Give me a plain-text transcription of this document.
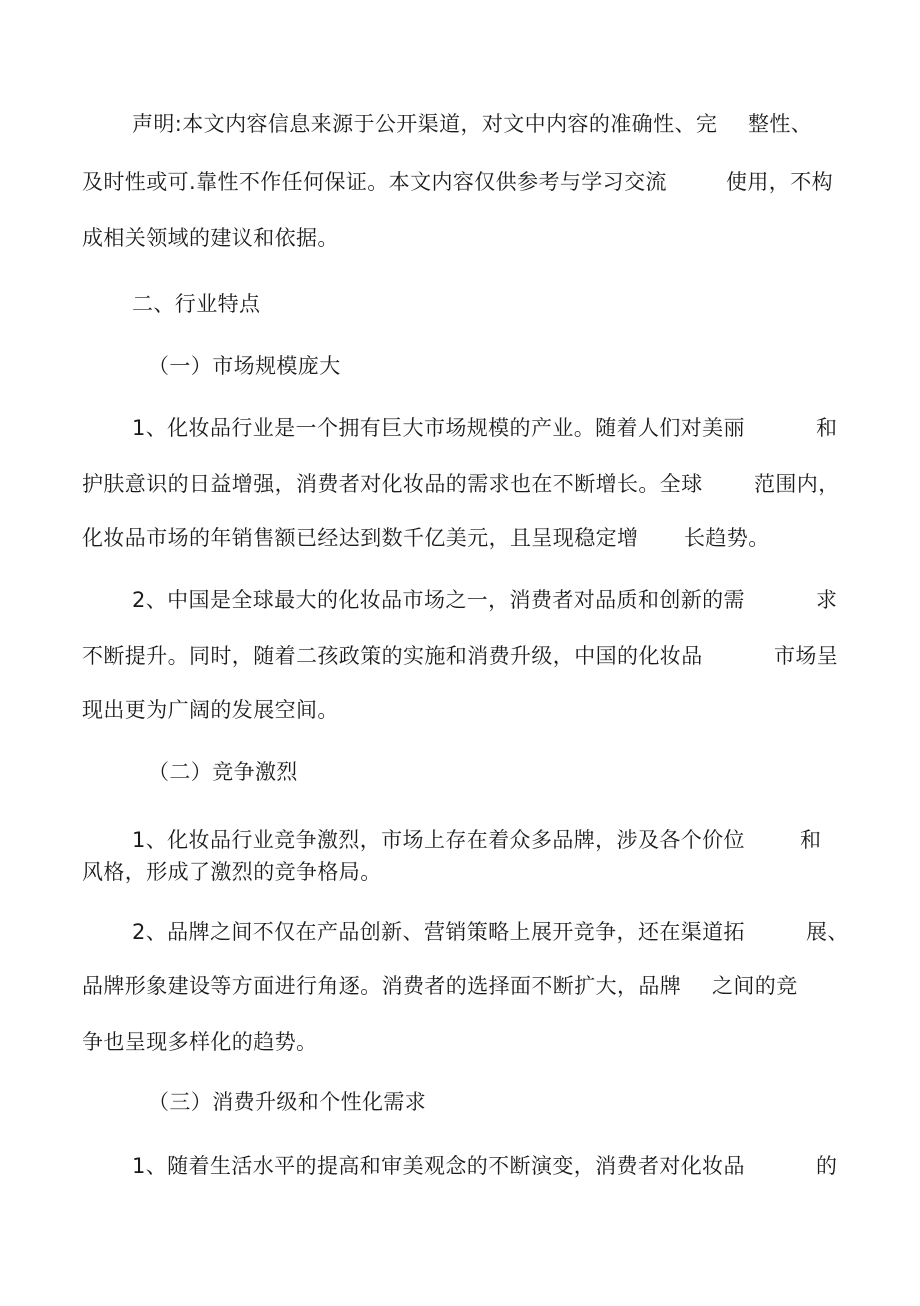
声明:本文内容信息来源于公开渠道，对文中内容的准确性、完

整性、

及时性或可.靠性不作任何保证。本文内容仅供参考与学习交流

	使用，不构

成相关领域的建议和依据。

二、行业特点

（一）市场规模庞大

1、化妆品行业是一个拥有巨大市场规模的产业。随着人们对美丽

	和

护肤意识的日益增强，消费者对化妆品的需求也在不断增长。全球

范围内，

化妆品市场的年销售额已经达到数千亿美元，且呈现稳定增

长趋势。

2、中国是全球最大的化妆品市场之一，消费者对品质和创新的需

	求

不断提升。同时，随着二孩政策的实施和消费升级，中国的化妆品

	市场呈

现出更为广阔的发展空间。

（二）竞争激烈

1、化妆品行业竞争激烈，市场上存在着众多品牌，涉及各个价位

	和

风格，形成了激烈的竞争格局。

2、品牌之间不仅在产品创新、营销策略上展开竞争，还在渠道拓

	展、

品牌形象建设等方面进行角逐。消费者的选择面不断扩大，品牌

之间的竞

争也呈现多样化的趋势。

（三）消费升级和个性化需求

1、随着生活水平的提高和审美观念的不断演变，消费者对化妆品

	的
